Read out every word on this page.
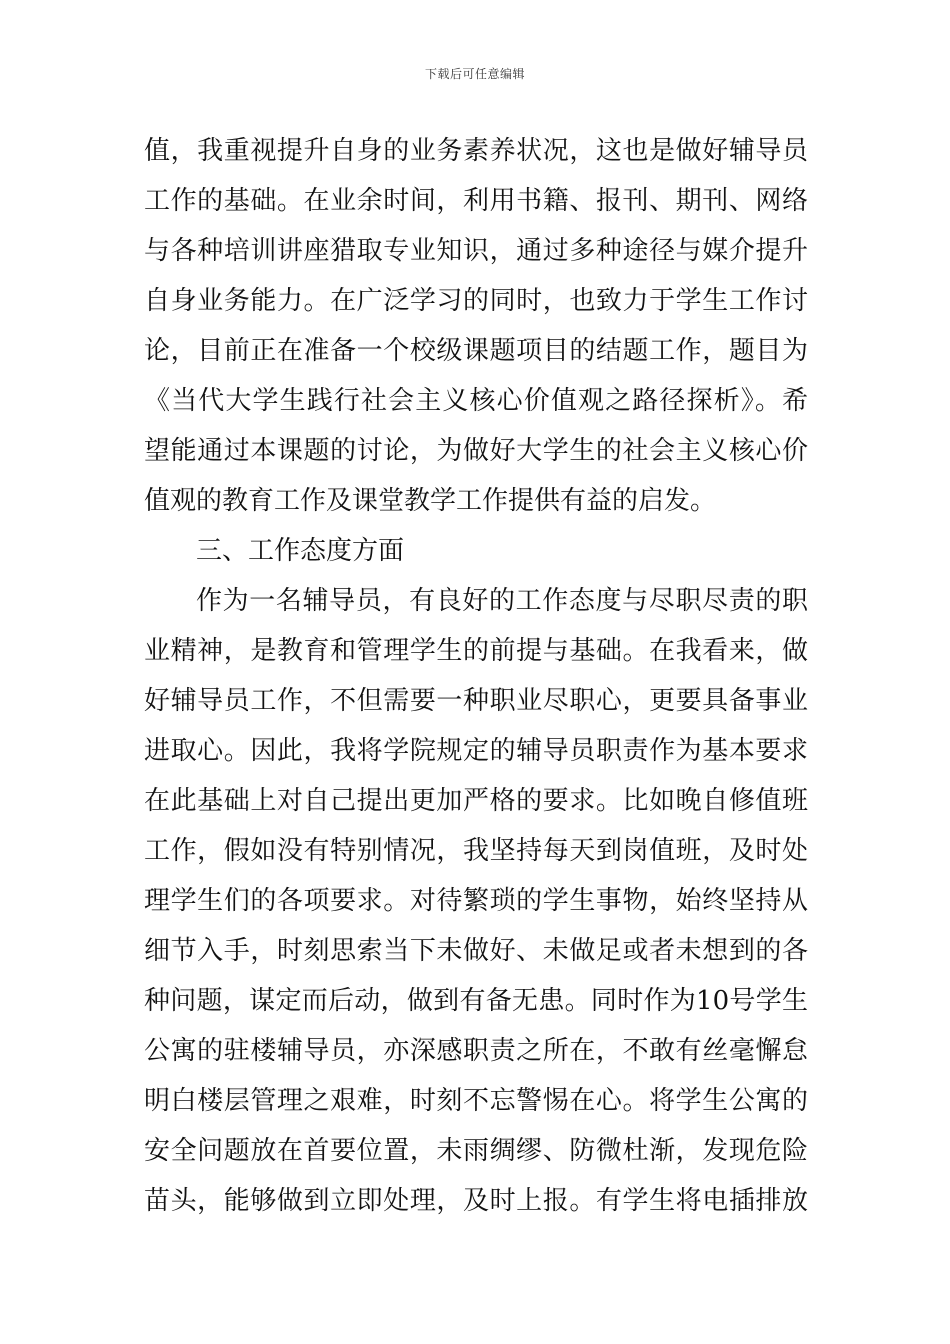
下载后可任意编辑
值，我重视提升自身的业务素养状况，这也是做好辅导员
工作的基础。在业余时间，利用书籍、报刊、期刊、网络
与各种培训讲座猎取专业知识，通过多种途径与媒介提升
自身业务能力。在广泛学习的同时，也致力于学生工作讨
论，目前正在准备一个校级课题项目的结题工作，题目为
《当代大学生践行社会主义核心价值观之路径探析》。希
望能通过本课题的讨论，为做好大学生的社会主义核心价
值观的教育工作及课堂教学工作提供有益的启发。
三、工作态度方面
作为一名辅导员，有良好的工作态度与尽职尽责的职
业精神，是教育和管理学生的前提与基础。在我看来，做
好辅导员工作，不但需要一种职业尽职心，更要具备事业
进取心。因此，我将学院规定的辅导员职责作为基本要求
在此基础上对自己提出更加严格的要求。比如晚自修值班
工作，假如没有特别情况，我坚持每天到岗值班，及时处
理学生们的各项要求。对待繁琐的学生事物，始终坚持从
细节入手，时刻思索当下未做好、未做足或者未想到的各
种问题，谋定而后动，做到有备无患。同时作为10号学生
公寓的驻楼辅导员，亦深感职责之所在，不敢有丝毫懈怠
明白楼层管理之艰难，时刻不忘警惕在心。将学生公寓的
安全问题放在首要位置，未雨绸缪、防微杜渐，发现危险
苗头，能够做到立即处理，及时上报。有学生将电插排放
